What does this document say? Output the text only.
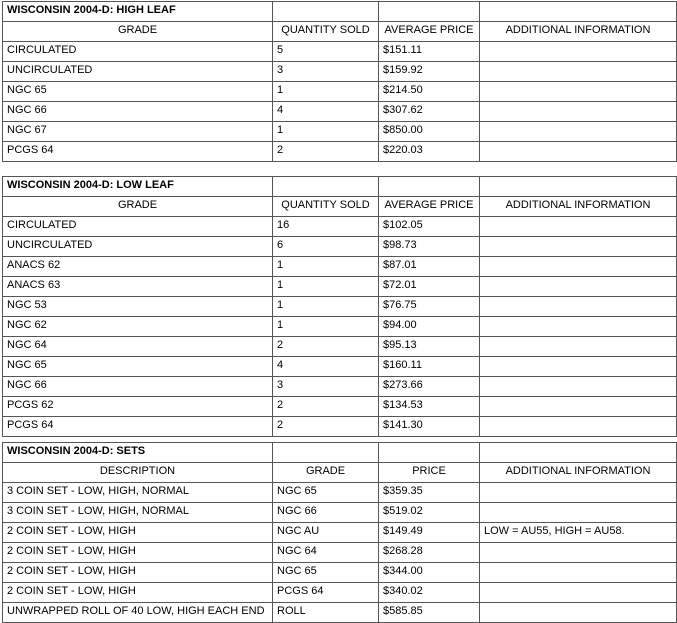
WISCONSIN 2004-D: HIGH LEAF			
GRADE	QUANTITY SOLD	AVERAGE PRICE	ADDITIONAL INFORMATION
CIRCULATED	5	$151.11	
UNCIRCULATED	3	$159.92	
NGC 65	1	$214.50	
NGC 66	4	$307.62	
NGC 67	1	$850.00	
PCGS 64	2	$220.03	
WISCONSIN 2004-D: LOW LEAF			
GRADE	QUANTITY SOLD	AVERAGE PRICE	ADDITIONAL INFORMATION
CIRCULATED	16	$102.05	
UNCIRCULATED	6	$98.73	
ANACS 62	1	$87.01	
ANACS 63	1	$72.01	
NGC 53	1	$76.75	
NGC 62	1	$94.00	
NGC 64	2	$95.13	
NGC 65	4	$160.11	
NGC 66	3	$273.66	
PCGS 62	2	$134.53	
PCGS 64	2	$141.30	
WISCONSIN 2004-D: SETS			
DESCRIPTION	GRADE	PRICE	ADDITIONAL INFORMATION
3 COIN SET - LOW, HIGH, NORMAL	NGC 65	$359.35	
3 COIN SET - LOW, HIGH, NORMAL	NGC 66	$519.02	
2 COIN SET - LOW, HIGH	NGC AU	$149.49	LOW = AU55, HIGH = AU58.
2 COIN SET - LOW, HIGH	NGC 64	$268.28	
2 COIN SET - LOW, HIGH	NGC 65	$344.00	
2 COIN SET - LOW, HIGH	PCGS 64	$340.02	
UNWRAPPED ROLL OF 40 LOW, HIGH EACH END	ROLL	$585.85	
